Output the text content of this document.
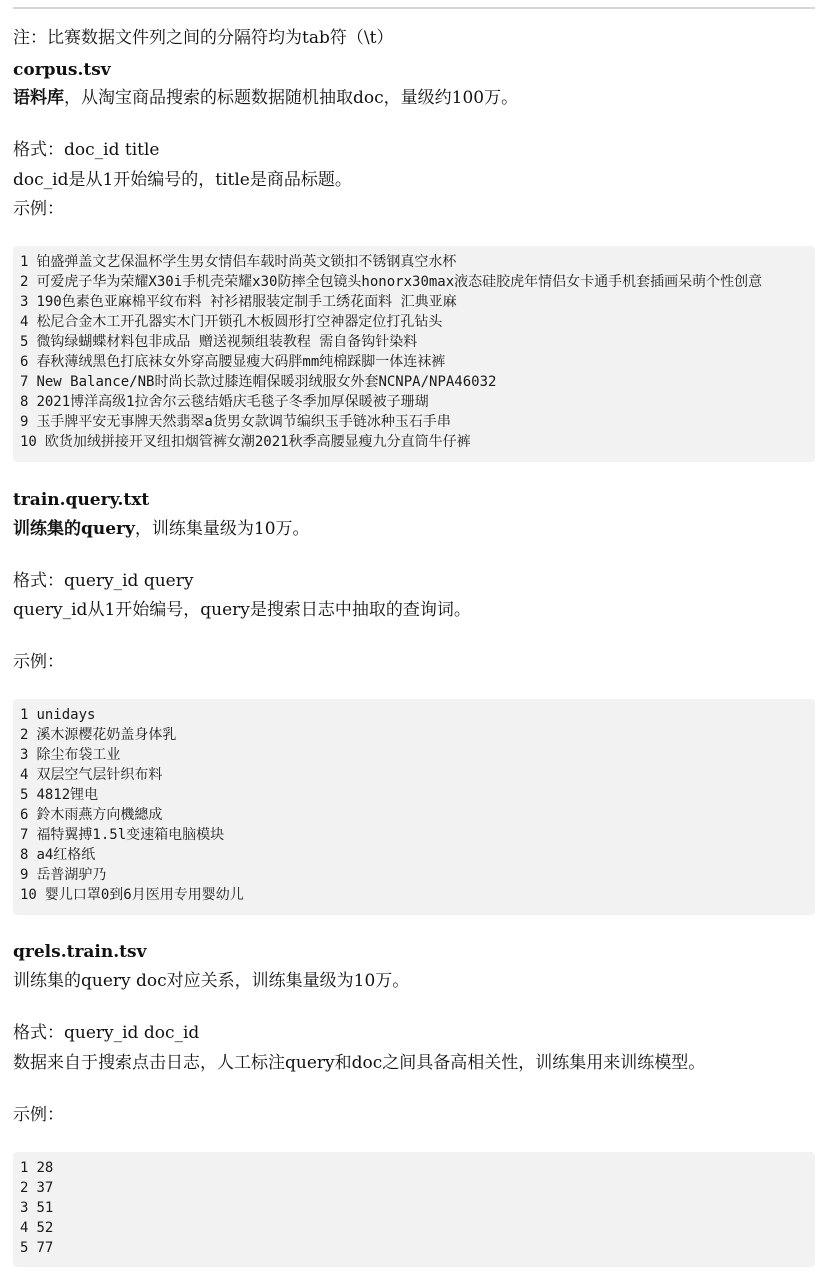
注：比赛数据文件列之间的分隔符均为tab符（\t）
corpus.tsv
语料库，从淘宝商品搜索的标题数据随机抽取doc，量级约100万。
格式：doc_id title
doc_id是从1开始编号的，title是商品标题。
示例：
1 铂盛弹盖文艺保温杯学生男女情侣车载时尚英文锁扣不锈钢真空水杯
2 可爱虎子华为荣耀X30i手机壳荣耀x30防摔全包镜头honorx30max液态硅胶虎年情侣女卡通手机套插画呆萌个性创意
3 190色素色亚麻棉平纹布料 衬衫裙服装定制手工绣花面料 汇典亚麻
4 松尼合金木工开孔器实木门开锁孔木板圆形打空神器定位打孔钻头
5 微钩绿蝴蝶材料包非成品 赠送视频组装教程 需自备钩针染料
6 春秋薄绒黑色打底袜女外穿高腰显瘦大码胖mm纯棉踩脚一体连袜裤
7 New Balance/NB时尚长款过膝连帽保暖羽绒服女外套NCNPA/NPA46032
8 2021博洋高级1拉舍尔云毯结婚庆毛毯子冬季加厚保暖被子珊瑚
9 玉手牌平安无事牌天然翡翠a货男女款调节编织玉手链冰种玉石手串
10 欧货加绒拼接开叉纽扣烟管裤女潮2021秋季高腰显瘦九分直筒牛仔裤
train.query.txt
训练集的query，训练集量级为10万。
格式：query_id query
query_id从1开始编号，query是搜索日志中抽取的查询词。
示例：
1 unidays
2 溪木源樱花奶盖身体乳
3 除尘布袋工业
4 双层空气层针织布料
5 4812锂电
6 鈴木雨燕方向機總成
7 福特翼搏1.5l变速箱电脑模块
8 a4红格纸
9 岳普湖驴乃
10 婴儿口罩0到6月医用专用婴幼儿
qrels.train.tsv
训练集的query doc对应关系，训练集量级为10万。
格式：query_id doc_id
数据来自于搜索点击日志，人工标注query和doc之间具备高相关性，训练集用来训练模型。
示例：
1 28
2 37
3 51
4 52
5 77
